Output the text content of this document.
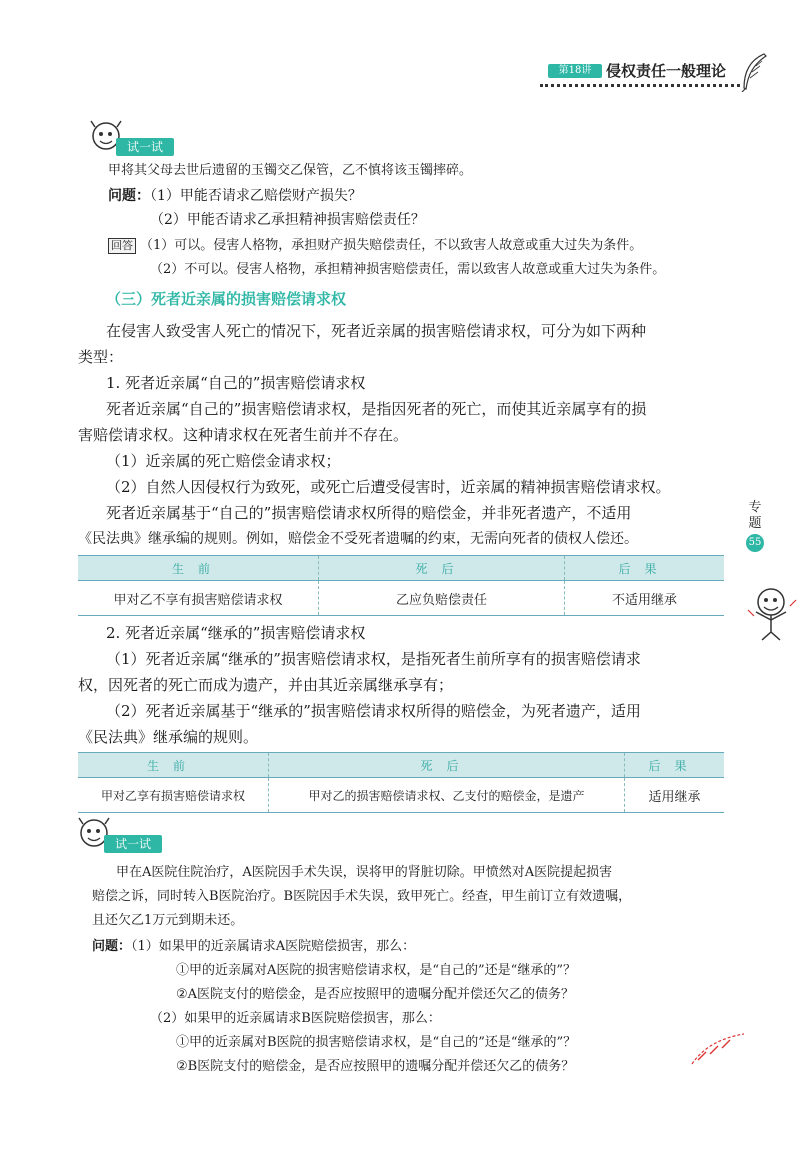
第18讲 侵权责任一般理论
试一试
甲将其父母去世后遗留的玉镯交乙保管，乙不慎将该玉镯摔碎。
问题：（1）甲能否请求乙赔偿财产损失？
（2）甲能否请求乙承担精神损害赔偿责任？
回答 （1）可以。侵害人格物，承担财产损失赔偿责任，不以致害人故意或重大过失为条件。
（2）不可以。侵害人格物，承担精神损害赔偿责任，需以致害人故意或重大过失为条件。
（三）死者近亲属的损害赔偿请求权
在侵害人致受害人死亡的情况下，死者近亲属的损害赔偿请求权，可分为如下两种
类型：
1. 死者近亲属“自己的”损害赔偿请求权
死者近亲属“自己的”损害赔偿请求权，是指因死者的死亡，而使其近亲属享有的损
害赔偿请求权。这种请求权在死者生前并不存在。
（1）近亲属的死亡赔偿金请求权；
（2）自然人因侵权行为致死，或死亡后遭受侵害时，近亲属的精神损害赔偿请求权。
死者近亲属基于“自己的”损害赔偿请求权所得的赔偿金，并非死者遗产，不适用
《民法典》继承编的规则。例如，赔偿金不受死者遗嘱的约束，无需向死者的债权人偿还。
生前	死后	后果
甲对乙不享有损害赔偿请求权	乙应负赔偿责任	不适用继承
2. 死者近亲属“继承的”损害赔偿请求权
（1）死者近亲属“继承的”损害赔偿请求权，是指死者生前所享有的损害赔偿请求
权，因死者的死亡而成为遗产，并由其近亲属继承享有；
（2）死者近亲属基于“继承的”损害赔偿请求权所得的赔偿金，为死者遗产，适用
《民法典》继承编的规则。
生前	死后	后果
甲对乙享有损害赔偿请求权	甲对乙的损害赔偿请求权、乙支付的赔偿金，是遗产	适用继承
专
题
55
试一试
甲在A医院住院治疗，A医院因手术失误，误将甲的肾脏切除。甲愤然对A医院提起损害
赔偿之诉，同时转入B医院治疗。B医院因手术失误，致甲死亡。经查，甲生前订立有效遗嘱，
且还欠乙1万元到期未还。
问题：（1）如果甲的近亲属请求A医院赔偿损害，那么：
①甲的近亲属对A医院的损害赔偿请求权，是“自己的”还是“继承的”？
②A医院支付的赔偿金，是否应按照甲的遗嘱分配并偿还欠乙的债务？
（2）如果甲的近亲属请求B医院赔偿损害，那么：
①甲的近亲属对B医院的损害赔偿请求权，是“自己的”还是“继承的”？
②B医院支付的赔偿金，是否应按照甲的遗嘱分配并偿还欠乙的债务？
